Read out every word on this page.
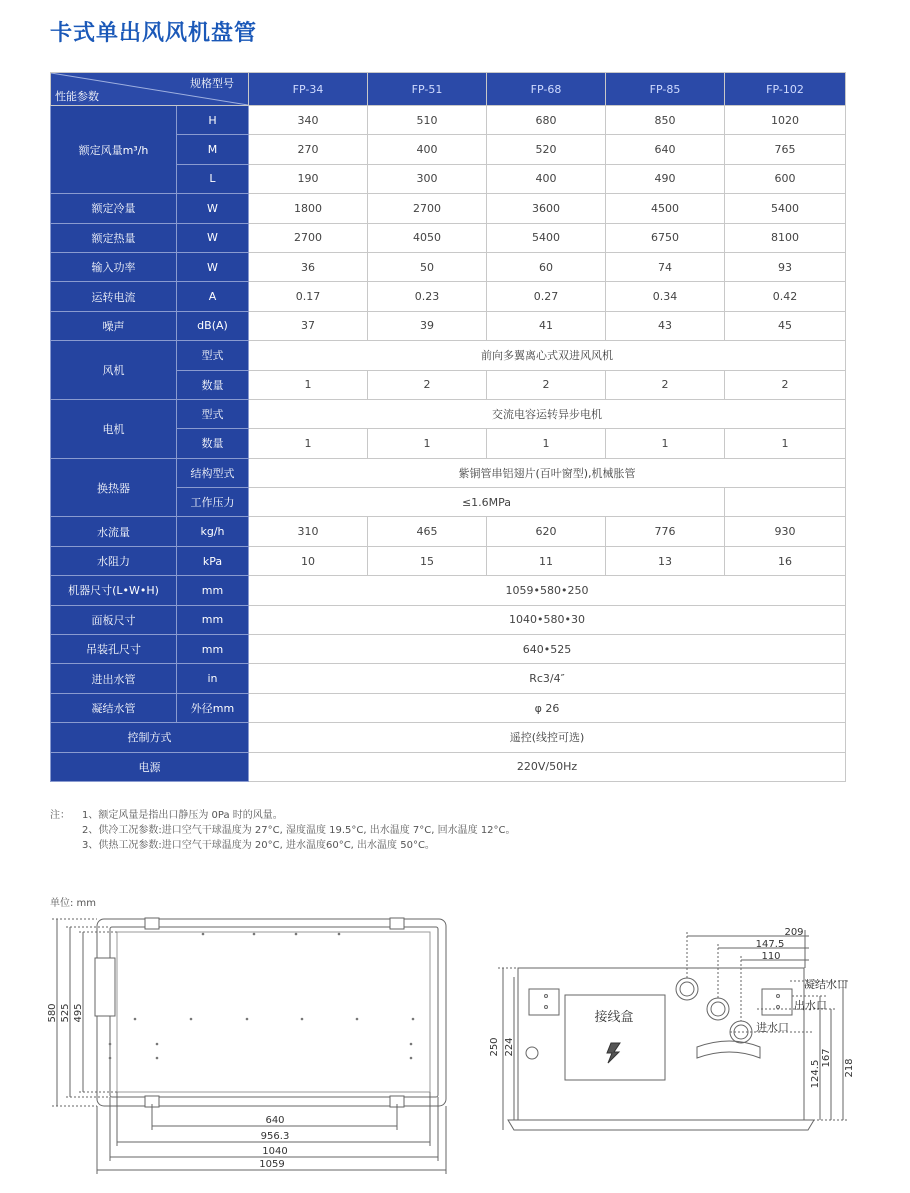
卡式单出风风机盘管
规格型号
性能参数		FP-34	FP-51	FP-68	FP-85	FP-102
额定风量m³/h	H	340	510	680	850	1020
	M	270	400	520	640	765
	L	190	300	400	490	600
额定冷量	W	1800	2700	3600	4500	5400
额定热量	W	2700	4050	5400	6750	8100
输入功率	W	36	50	60	74	93
运转电流	A	0.17	0.23	0.27	0.34	0.42
噪声	dB(A)	37	39	41	43	45
风机	型式	前向多翼离心式双进风风机				
	数量	1	2	2	2	2
电机	型式	交流电容运转异步电机				
	数量	1	1	1	1	1
换热器	结构型式	紫铜管串铝翅片(百叶窗型),机械胀管				
	工作压力	≤1.6MPa				
水流量	kg/h	310	465	620	776	930
水阻力	kPa	10	15	11	13	16
机器尺寸(L•W•H)	mm	1059•580•250				
面板尺寸	mm	1040•580•30				
吊装孔尺寸	mm	640•525				
进出水管	in	Rc3/4″				
凝结水管	外径mm	φ 26				
控制方式		遥控(线控可选)				
电源		220V/50Hz				
注： 1、额定风量是指出口静压为 0Pa 时的风量。
2、供冷工况参数:进口空气干球温度为 27°C, 湿度温度 19.5°C, 出水温度 7°C, 回水温度 12°C。
3、供热工况参数:进口空气干球温度为 20°C, 进水温度60°C, 出水温度 50°C。
单位: mm
640
956.3
1040
1059
580 525 495
209
147.5
110
250 224
167
218
124.5
接线盒
凝结水口
出水口
进水口
